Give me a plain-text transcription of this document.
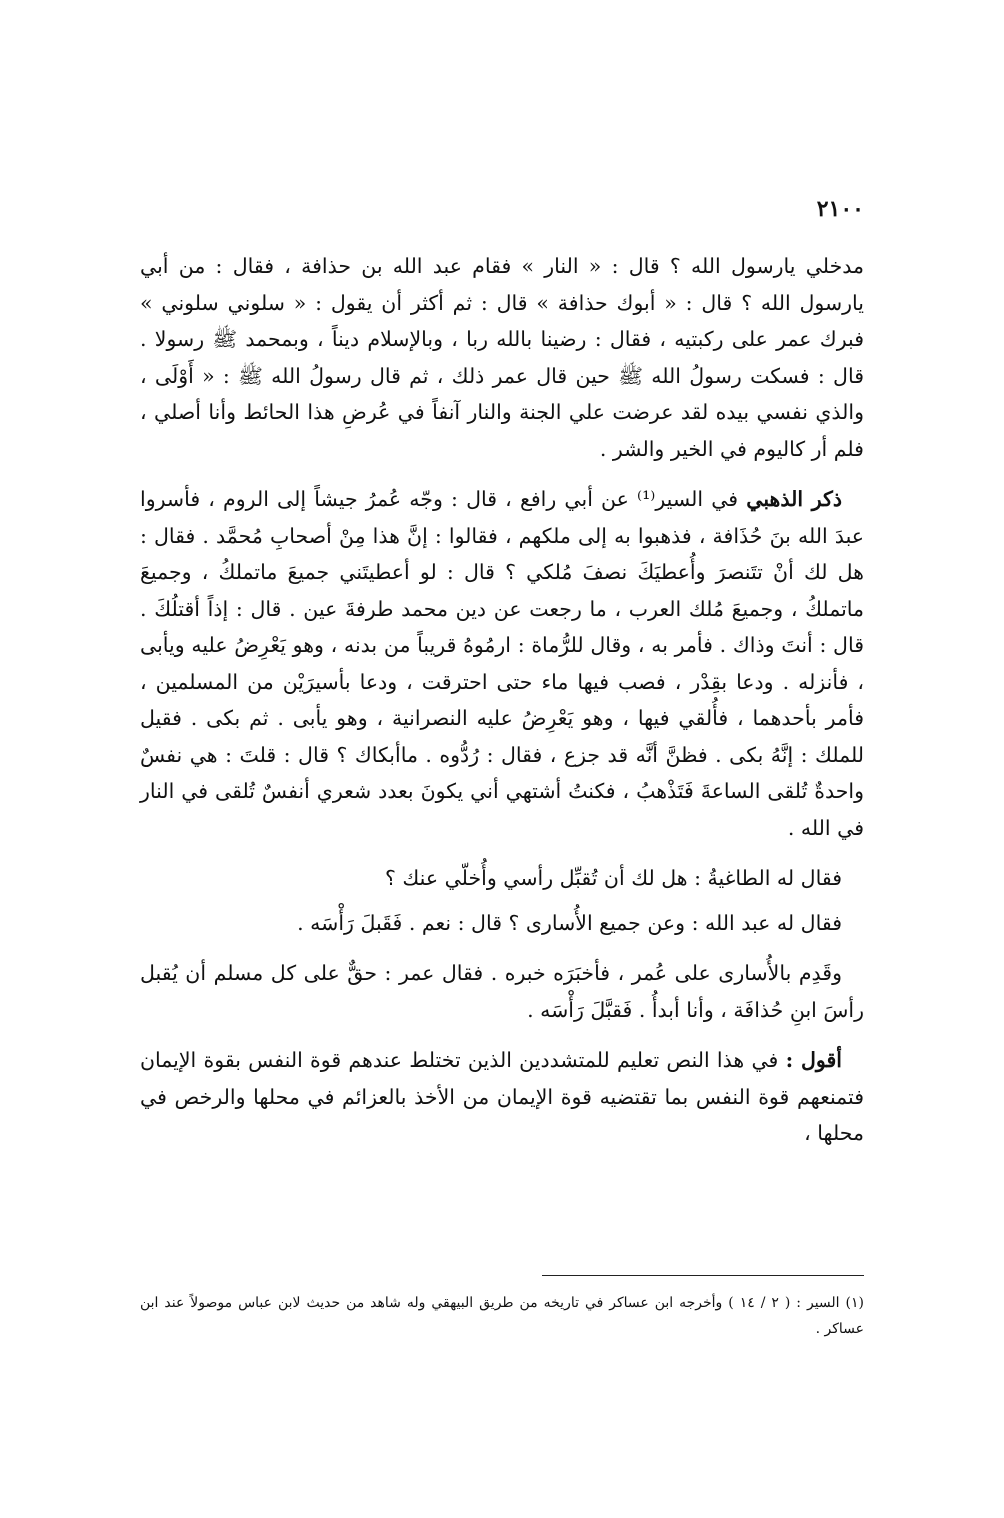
٢١٠٠

مدخلي يارسول الله ؟ قال : « النار » فقام عبد الله بن حذافة ، فقال : من أبي يارسول الله ؟ قال : « أبوك حذافة » قال : ثم أكثر أن يقول : « سلوني سلوني » فبرك عمر على ركبتيه ، فقال : رضينا بالله ربا ، وبالإسلام ديناً ، وبمحمد ﷺ رسولا . قال : فسكت رسولُ الله ﷺ حين قال عمر ذلك ، ثم قال رسولُ الله ﷺ : « أَوْلَى ، والذي نفسي بيده لقد عرضت علي الجنة والنار آنفاً في عُرضِ هذا الحائط وأنا أصلي ، فلم أر كاليوم في الخير والشر .

ذكر الذهبي في السير⁽¹⁾ عن أبي رافع ، قال : وجّه عُمرُ جيشاً إلى الروم ، فأسروا عبدَ الله بنَ حُذَافة ، فذهبوا به إلى ملكهم ، فقالوا : إنَّ هذا مِنْ أصحابِ مُحمَّد . فقال : هل لك أنْ تتَنصرَ وأُعطيَكَ نصفَ مُلكي ؟ قال : لو أعطيتَني جميعَ ماتملكُ ، وجميعَ ماتملكُ ، وجميعَ مُلك العرب ، ما رجعت عن دين محمد طرفةَ عين . قال : إذاً أقتلُكَ . قال : أنتَ وذاك . فأمر به ، وقال للرُّماة : ارمُوهُ قريباً من بدنه ، وهو يَعْرِضُ عليه ويأبى ، فأنزله . ودعا بقِدْر ، فصب فيها ماء حتى احترقت ، ودعا بأسيرَيْن من المسلمين ، فأمر بأحدهما ، فأُلقي فيها ، وهو يَعْرِضُ عليه النصرانية ، وهو يأبى . ثم بكى . فقيل للملك : إنَّهُ بكى . فظنَّ أنَّه قد جزع ، فقال : رُدُّوه . ماأبكاك ؟ قال : قلتَ : هي نفسٌ واحدةٌ تُلقى الساعةَ فَتَذْهبُ ، فكنتُ أشتهي أني يكونَ بعدد شعري أنفسٌ تُلقى في النار في الله .

فقال له الطاغيةُ : هل لك أن تُقبِّل رأسي وأُخلّي عنك ؟

فقال له عبد الله : وعن جميع الأُسارى ؟ قال : نعم . فَقَبلَ رَأْسَه .

وقَدِم بالأُسارى على عُمر ، فأخبَرَه خبره . فقال عمر : حقٌّ على كل مسلم أن يُقبل رأسَ ابنِ حُذافَة ، وأنا أبدأُ . فَقبَّلَ رَأْسَه .

أقول : في هذا النص تعليم للمتشددين الذين تختلط عندهم قوة النفس بقوة الإيمان فتمنعهم قوة النفس بما تقتضيه قوة الإيمان من الأخذ بالعزائم في محلها والرخص في محلها ،

(١) السير : ( ٢ / ١٤ ) وأخرجه ابن عساكر في تاريخه من طريق البيهقي وله شاهد من حديث لابن عباس موصولاً عند ابن عساكر .
